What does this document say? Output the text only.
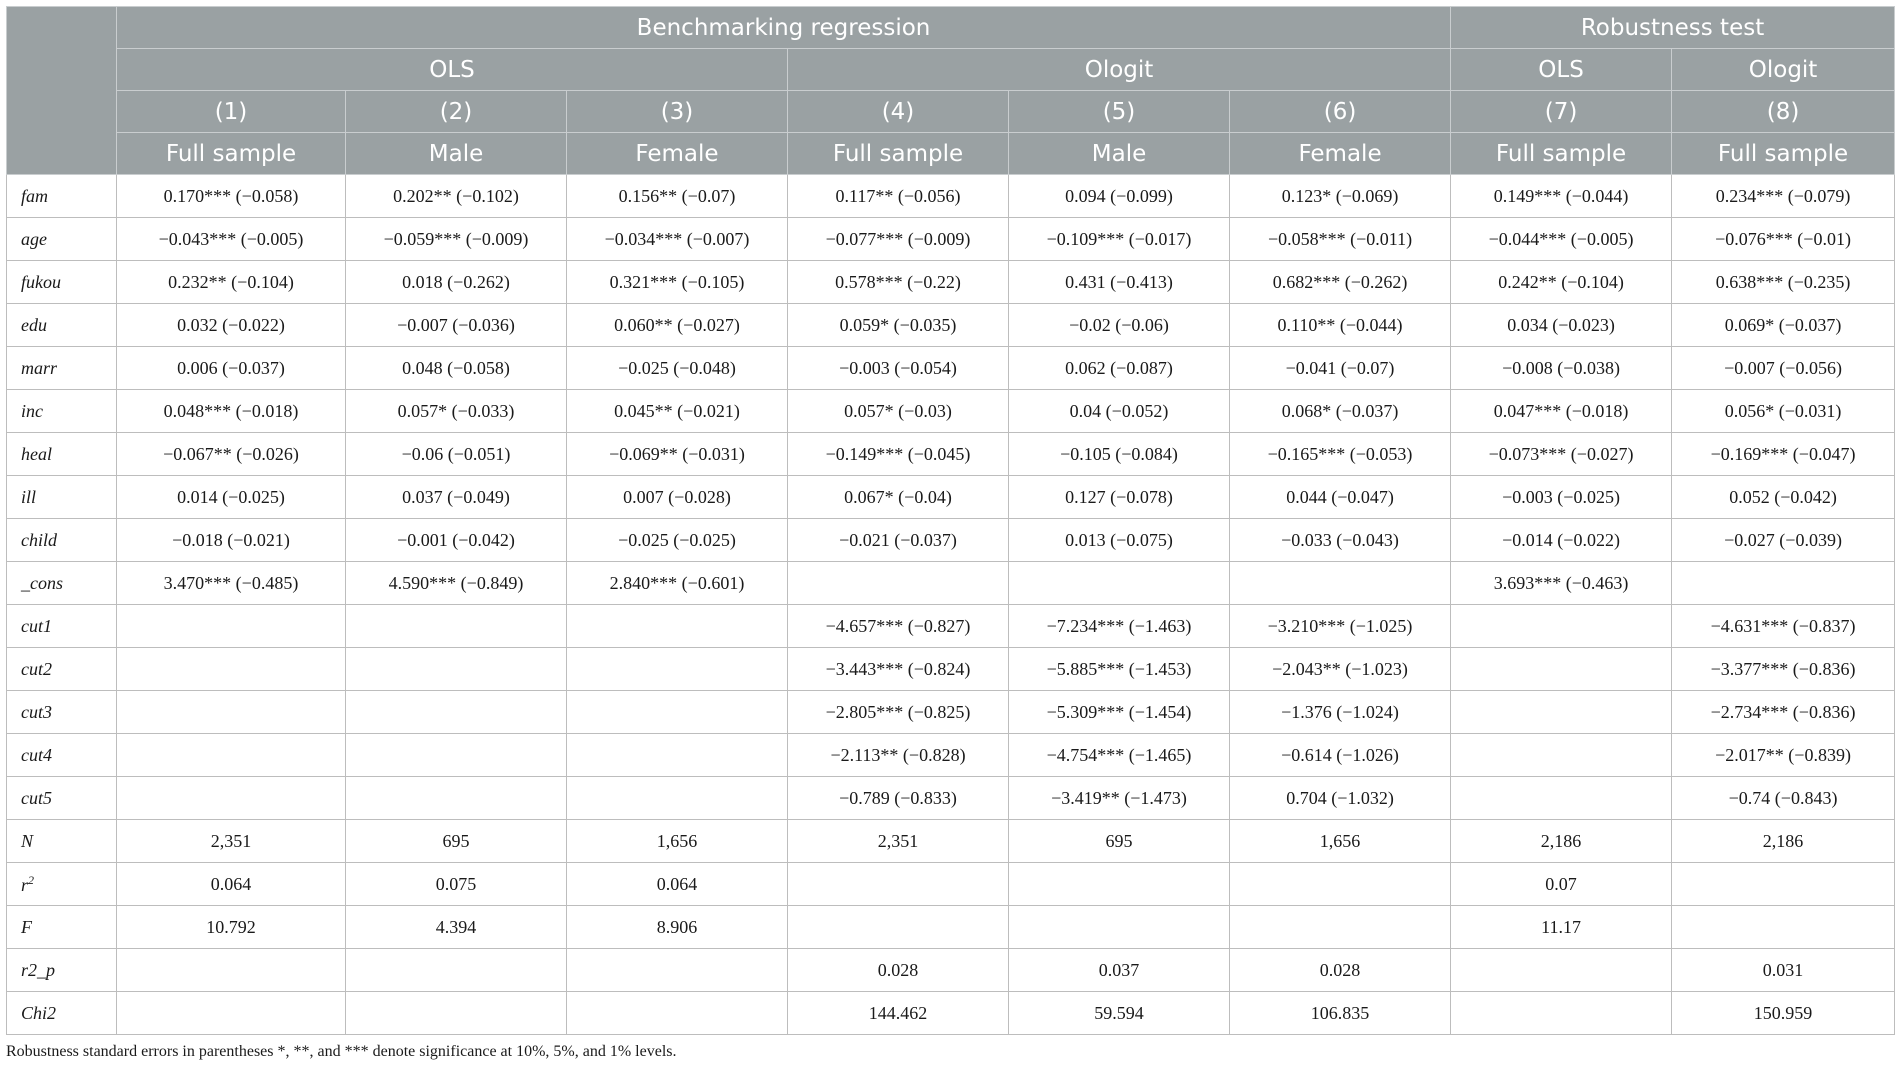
	Benchmarking regression						Robustness test	
	OLS			Ologit			OLS	Ologit
	(1)	(2)	(3)	(4)	(5)	(6)	(7)	(8)
	Full sample	Male	Female	Full sample	Male	Female	Full sample	Full sample
fam	0.170*** (−0.058)	0.202** (−0.102)	0.156** (−0.07)	0.117** (−0.056)	0.094 (−0.099)	0.123* (−0.069)	0.149*** (−0.044)	0.234*** (−0.079)
age	−0.043*** (−0.005)	−0.059*** (−0.009)	−0.034*** (−0.007)	−0.077*** (−0.009)	−0.109*** (−0.017)	−0.058*** (−0.011)	−0.044*** (−0.005)	−0.076*** (−0.01)
fukou	0.232** (−0.104)	0.018 (−0.262)	0.321*** (−0.105)	0.578*** (−0.22)	0.431 (−0.413)	0.682*** (−0.262)	0.242** (−0.104)	0.638*** (−0.235)
edu	0.032 (−0.022)	−0.007 (−0.036)	0.060** (−0.027)	0.059* (−0.035)	−0.02 (−0.06)	0.110** (−0.044)	0.034 (−0.023)	0.069* (−0.037)
marr	0.006 (−0.037)	0.048 (−0.058)	−0.025 (−0.048)	−0.003 (−0.054)	0.062 (−0.087)	−0.041 (−0.07)	−0.008 (−0.038)	−0.007 (−0.056)
inc	0.048*** (−0.018)	0.057* (−0.033)	0.045** (−0.021)	0.057* (−0.03)	0.04 (−0.052)	0.068* (−0.037)	0.047*** (−0.018)	0.056* (−0.031)
heal	−0.067** (−0.026)	−0.06 (−0.051)	−0.069** (−0.031)	−0.149*** (−0.045)	−0.105 (−0.084)	−0.165*** (−0.053)	−0.073*** (−0.027)	−0.169*** (−0.047)
ill	0.014 (−0.025)	0.037 (−0.049)	0.007 (−0.028)	0.067* (−0.04)	0.127 (−0.078)	0.044 (−0.047)	−0.003 (−0.025)	0.052 (−0.042)
child	−0.018 (−0.021)	−0.001 (−0.042)	−0.025 (−0.025)	−0.021 (−0.037)	0.013 (−0.075)	−0.033 (−0.043)	−0.014 (−0.022)	−0.027 (−0.039)
_cons	3.470*** (−0.485)	4.590*** (−0.849)	2.840*** (−0.601)				3.693*** (−0.463)	
cut1				−4.657*** (−0.827)	−7.234*** (−1.463)	−3.210*** (−1.025)		−4.631*** (−0.837)
cut2				−3.443*** (−0.824)	−5.885*** (−1.453)	−2.043** (−1.023)		−3.377*** (−0.836)
cut3				−2.805*** (−0.825)	−5.309*** (−1.454)	−1.376 (−1.024)		−2.734*** (−0.836)
cut4				−2.113** (−0.828)	−4.754*** (−1.465)	−0.614 (−1.026)		−2.017** (−0.839)
cut5				−0.789 (−0.833)	−3.419** (−1.473)	0.704 (−1.032)		−0.74 (−0.843)
N	2,351	695	1,656	2,351	695	1,656	2,186	2,186
$r^2$	0.064	0.075	0.064				0.07	
F	10.792	4.394	8.906				11.17	
r2_p				0.028	0.037	0.028		0.031
Chi2				144.462	59.594	106.835		150.959

Robustness standard errors in parentheses *, **, and *** denote significance at 10%, 5%, and 1% levels.
